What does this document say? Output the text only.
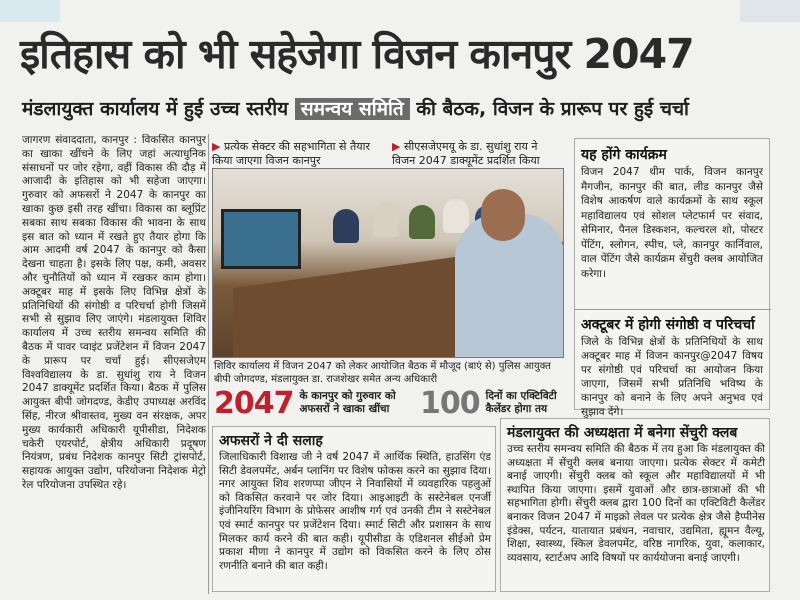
इतिहास को भी सहेजेगा विजन कानपुर 2047
मंडलायुक्त कार्यालय में हुई उच्च स्तरीय समन्वय समिति की बैठक, विजन के प्रारूप पर हुई चर्चा
जागरण संवाददाता, कानपुर : विकसित कानपुर का खाका खींचने के लिए जहां अत्याधुनिक संसाधनों पर जोर रहेगा, वहीं विकास की दौड़ में आजादी के इतिहास को भी सहेजा जाएगा। गुरुवार को अफसरों ने 2047 के कानपुर का खाका कुछ इसी तरह खींचा। विकास का ब्लूप्रिंट सबका साथ सबका विकास की भावना के साथ इस बात को ध्यान में रखते हुए तैयार होगा कि आम आदमी वर्ष 2047 के कानपुर को कैसा देखना चाहता है। इसके लिए पक्ष, कमी, अवसर और चुनौतियों को ध्यान में रखकर काम होगा। अक्टूबर माह में इसके लिए विभिन्न क्षेत्रों के प्रतिनिधियों की संगोष्ठी व परिचर्चा होगी जिसमें सभी से सुझाव लिए जाएंगे। मंडलायुक्त शिविर कार्यालय में उच्च स्तरीय समन्वय समिति की बैठक में पावर प्वाइंट प्रजेंटेशन में विजन 2047 के प्रारूप पर चर्चा हुई। सीएसजेएम विश्वविद्यालय के डा. सुधांशु राय ने विजन 2047 डाक्यूमेंट प्रदर्शित किया। बैठक में पुलिस आयुक्त बीपी जोगदण्ड, केडीए उपाध्यक्ष अरविंद सिंह, नीरज श्रीवास्तव, मुख्य वन संरक्षक, अपर मुख्य कार्यकारी अधिकारी यूपीसीडा, निदेशक चकेरी एयरपोर्ट, क्षेत्रीय अधिकारी प्रदूषण नियंत्रण, प्रबंध निदेशक कानपुर सिटी ट्रांसपोर्ट, सहायक आयुक्त उद्योग, परियोजना निदेशक मेट्रो रेल परियोजना उपस्थित रहे।
▶ प्रत्येक सेक्टर की सहभागिता से तैयार किया जाएगा विजन कानपुर
▶ सीएसजेएमयू के डा. सुधांशु राय ने विजन 2047 डाक्यूमेंट प्रदर्शित किया
शिविर कार्यालय में विजन 2047 को लेकर आयोजित बैठक में मौजूद (बाएं से) पुलिस आयुक्त बीपी जोगदण्ड, मंडलायुक्त डा. राजशेखर समेत अन्य अधिकारी
2047 के कानपुर को गुरुवार को अफसरों ने खाका खींचा	100 दिनों का एक्टिविटी कैलेंडर होगा तय
यह होंगे कार्यक्रम
विजन 2047 थीम पार्क, विजन कानपुर मैगजीन, कानपुर की बात, लीड कानपुर जैसे विशेष आकर्षण वाले कार्यक्रमों के साथ स्कूल महाविद्यालय एवं सोशल प्लेटफार्म पर संवाद, सेमिनार, पैनल डिस्कशन, कल्चरल शो, पोस्टर पेंटिंग, स्लोगन, स्पीच, प्ले, कानपुर कार्निवाल, वाल पेंटिंग जैसे कार्यक्रम सेंचुरी क्लब आयोजित करेगा।
अक्टूबर में होगी संगोष्ठी व परिचर्चा
जिले के विभिन्न क्षेत्रों के प्रतिनिधियों के साथ अक्टूबर माह में विजन कानपुर@2047 विषय पर संगोष्ठी एवं परिचर्चा का आयोजन किया जाएगा, जिसमें सभी प्रतिनिधि भविष्य के कानपुर को बनाने के लिए अपने अनुभव एवं सुझाव देंगे।
अफसरों ने दी सलाह
जिलाधिकारी विशाख जी ने वर्ष 2047 में आर्थिक स्थिति, हाउसिंग एंड सिटी डेवलपमेंट, अर्बन प्लानिंग पर विशेष फोकस करने का सुझाव दिया। नगर आयुक्त शिव शरणप्पा जीएन ने निवासियों में व्यवहारिक पहलुओं को विकसित करवाने पर जोर दिया। आइआइटी के सस्टेनेबल एनर्जी इंजीनियरिंग विभाग के प्रोफेसर आशीष गर्ग एवं उनकी टीम ने सस्टेनेबल एवं स्मार्ट कानपुर पर प्रजेंटेशन दिया। स्मार्ट सिटी और प्रशासन के साथ मिलकर कार्य करने की बात कही। यूपीसीडा के एडिशनल सीईओ प्रेम प्रकाश मीणा ने कानपुर में उद्योग को विकसित करने के लिए ठोस रणनीति बनाने की बात कही।
मंडलायुक्त की अध्यक्षता में बनेगा सेंचुरी क्लब
उच्च स्तरीय समन्वय समिति की बैठक में तय हुआ कि मंडलायुक्त की अध्यक्षता में सेंचुरी क्लब बनाया जाएगा। प्रत्येक सेक्टर में कमेटी बनाई जाएगी। सेंचुरी क्लब को स्कूल और महाविद्यालयों में भी स्थापित किया जाएगा। इसमें युवाओं और छात्र-छात्राओं की भी सहभागिता होगी। सेंचुरी क्लब द्वारा 100 दिनों का एक्टिविटी कैलेंडर बनाकर विजन 2047 में माइक्रो लेवल पर प्रत्येक क्षेत्र जैसे हैप्पीनेस इंडेक्स, पर्यटन, यातायात प्रबंधन, नवाचार, उद्यमिता, ह्यूमन वैल्यू, शिक्षा, स्वास्थ्य, स्किल डेवलपमेंट, वरिष्ठ नागरिक, युवा, कलाकार, व्यवसाय, स्टार्टअप आदि विषयों पर कार्ययोजना बनाई जाएगी।
